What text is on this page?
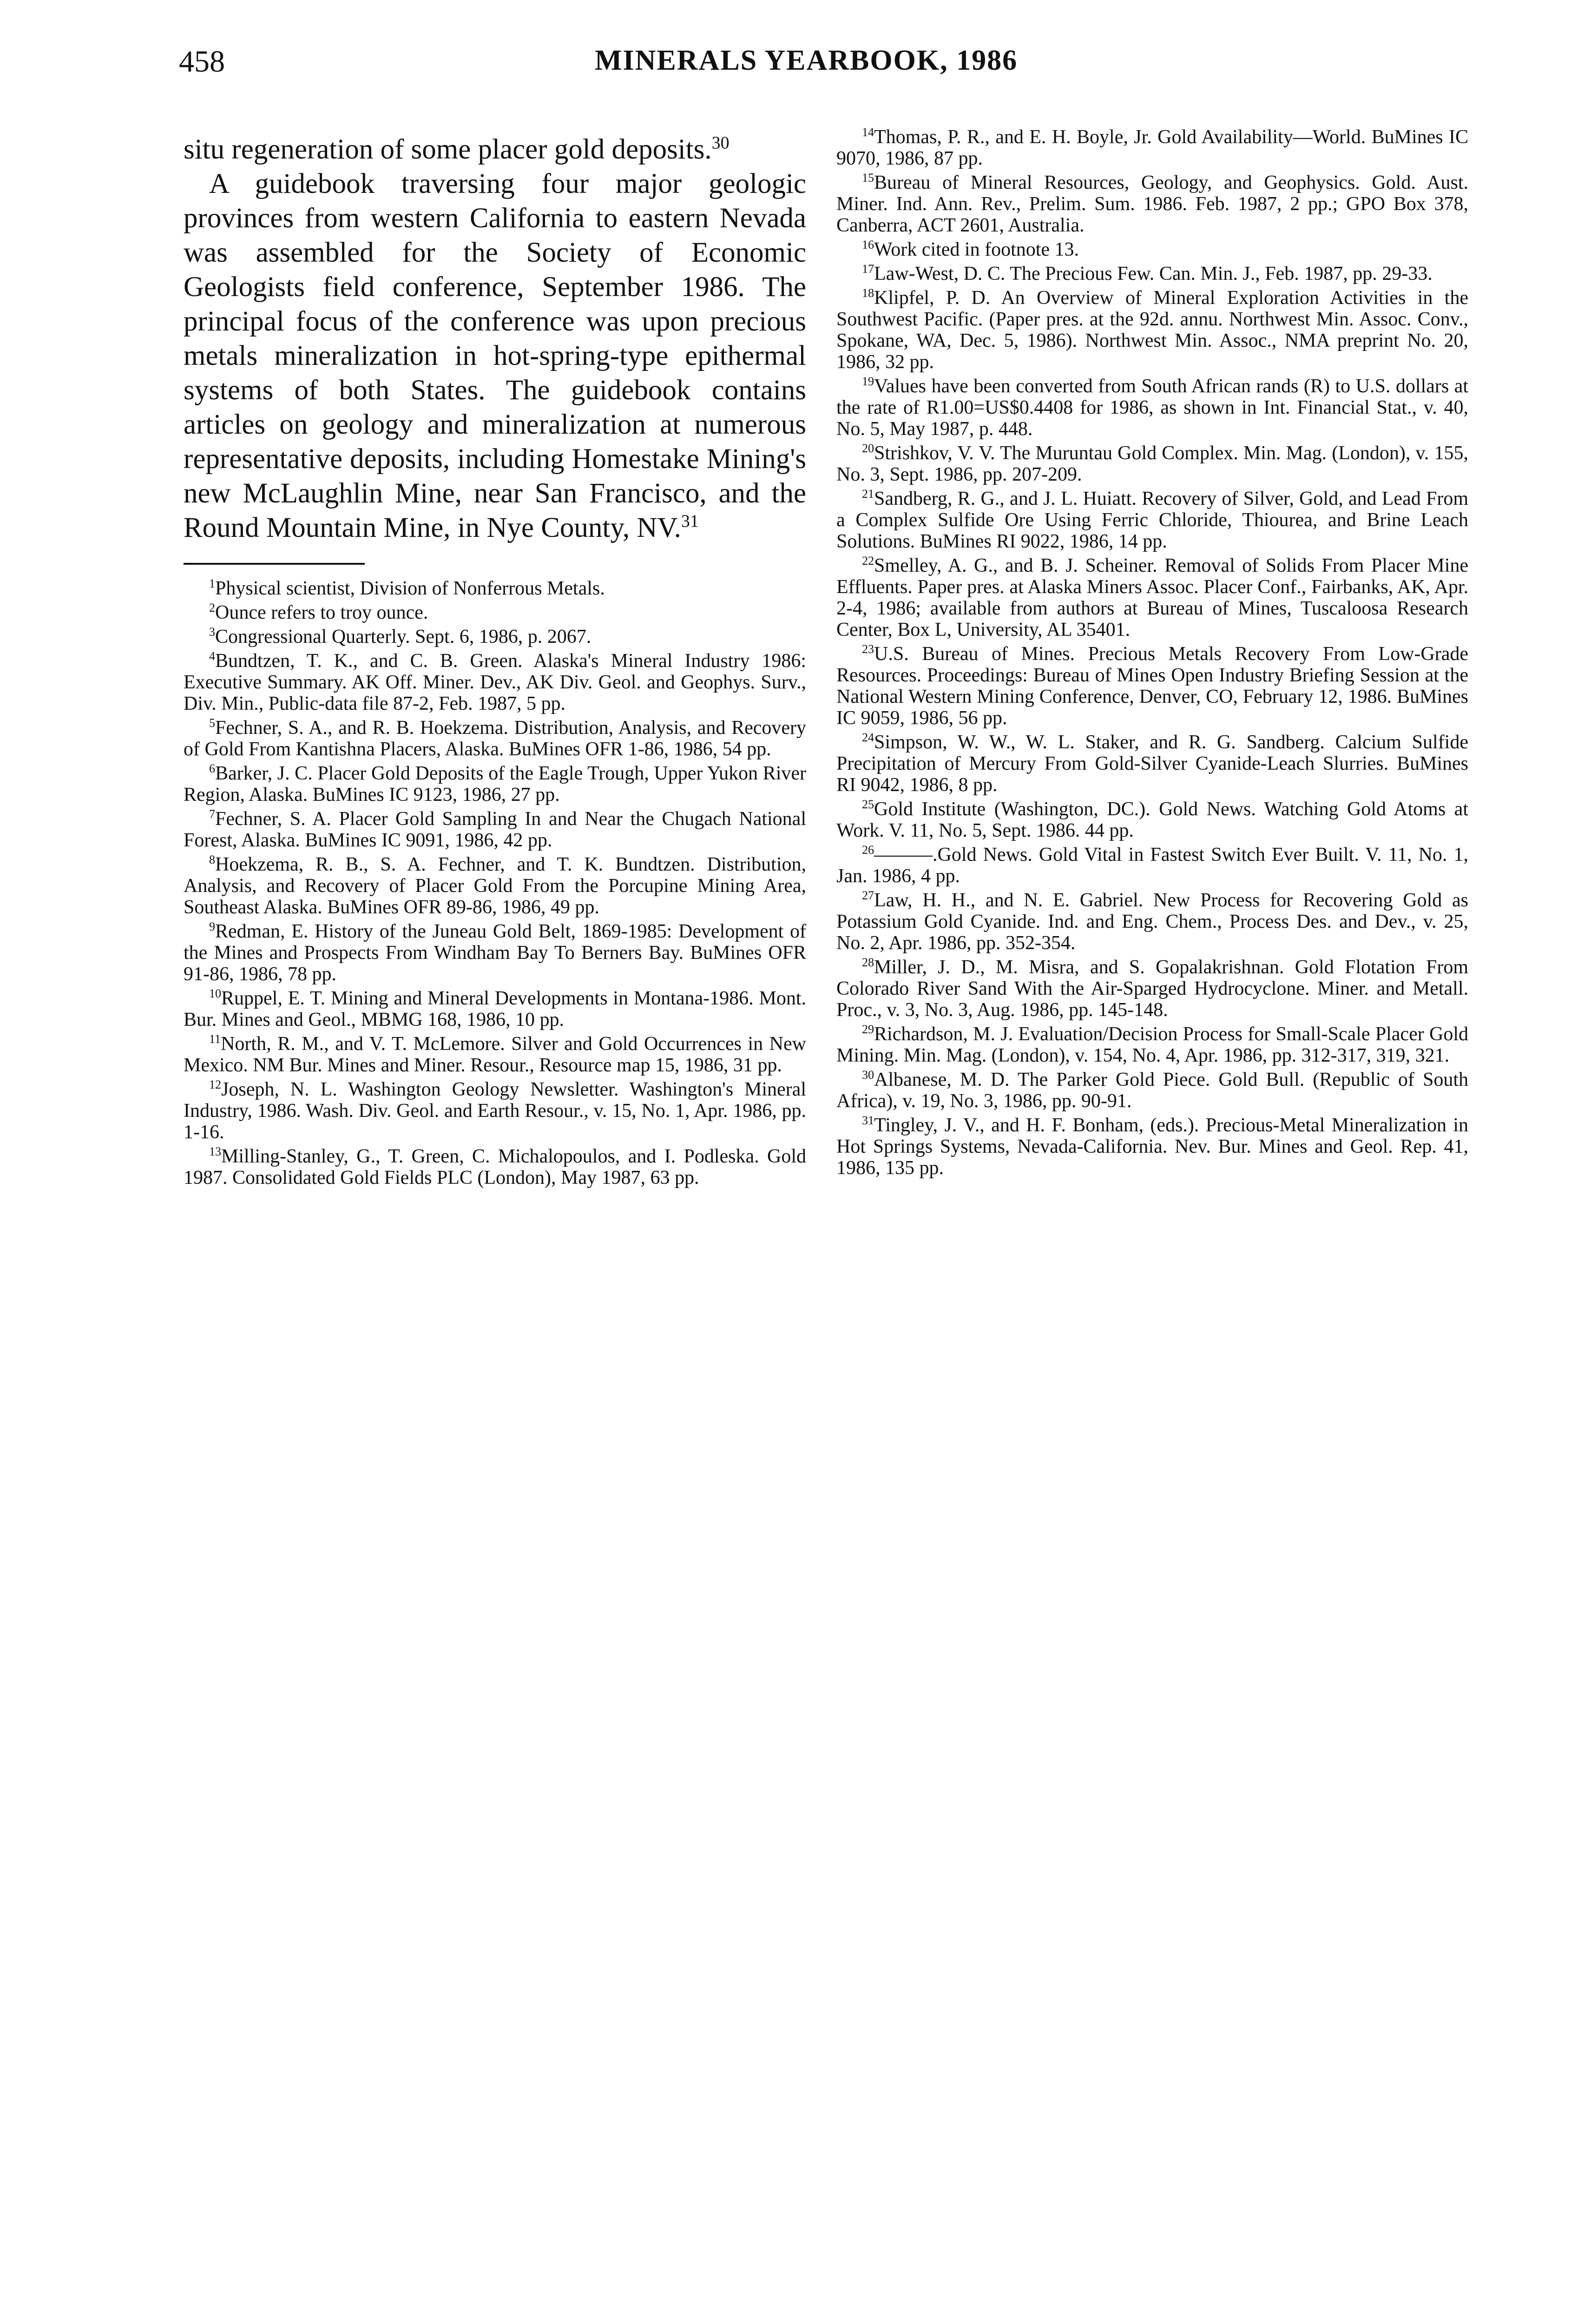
458	MINERALS YEARBOOK, 1986

situ regeneration of some placer gold deposits.$^{30}$

A guidebook traversing four major geologic provinces from western California to eastern Nevada was assembled for the Society of Economic Geologists field conference, September 1986. The principal focus of the conference was upon precious metals mineralization in hot-spring-type epithermal systems of both States. The guidebook contains articles on geology and mineralization at numerous representative deposits, including Homestake Mining's new McLaughlin Mine, near San Francisco, and the Round Mountain Mine, in Nye County, NV.$^{31}$

$^1$Physical scientist, Division of Nonferrous Metals.
$^2$Ounce refers to troy ounce.
$^3$Congressional Quarterly. Sept. 6, 1986, p. 2067.
$^4$Bundtzen, T. K., and C. B. Green. Alaska's Mineral Industry 1986: Executive Summary. AK Off. Miner. Dev., AK Div. Geol. and Geophys. Surv., Div. Min., Public-data file 87-2, Feb. 1987, 5 pp.
$^5$Fechner, S. A., and R. B. Hoekzema. Distribution, Analysis, and Recovery of Gold From Kantishna Placers, Alaska. BuMines OFR 1-86, 1986, 54 pp.
$^6$Barker, J. C. Placer Gold Deposits of the Eagle Trough, Upper Yukon River Region, Alaska. BuMines IC 9123, 1986, 27 pp.
$^7$Fechner, S. A. Placer Gold Sampling In and Near the Chugach National Forest, Alaska. BuMines IC 9091, 1986, 42 pp.
$^8$Hoekzema, R. B., S. A. Fechner, and T. K. Bundtzen. Distribution, Analysis, and Recovery of Placer Gold From the Porcupine Mining Area, Southeast Alaska. BuMines OFR 89-86, 1986, 49 pp.
$^9$Redman, E. History of the Juneau Gold Belt, 1869-1985: Development of the Mines and Prospects From Windham Bay To Berners Bay. BuMines OFR 91-86, 1986, 78 pp.
$^{10}$Ruppel, E. T. Mining and Mineral Developments in Montana-1986. Mont. Bur. Mines and Geol., MBMG 168, 1986, 10 pp.
$^{11}$North, R. M., and V. T. McLemore. Silver and Gold Occurrences in New Mexico. NM Bur. Mines and Miner. Resour., Resource map 15, 1986, 31 pp.
$^{12}$Joseph, N. L. Washington Geology Newsletter. Washington's Mineral Industry, 1986. Wash. Div. Geol. and Earth Resour., v. 15, No. 1, Apr. 1986, pp. 1-16.
$^{13}$Milling-Stanley, G., T. Green, C. Michalopoulos, and I. Podleska. Gold 1987. Consolidated Gold Fields PLC (London), May 1987, 63 pp.
$^{14}$Thomas, P. R., and E. H. Boyle, Jr. Gold Availability—World. BuMines IC 9070, 1986, 87 pp.
$^{15}$Bureau of Mineral Resources, Geology, and Geophysics. Gold. Aust. Miner. Ind. Ann. Rev., Prelim. Sum. 1986. Feb. 1987, 2 pp.; GPO Box 378, Canberra, ACT 2601, Australia.
$^{16}$Work cited in footnote 13.
$^{17}$Law-West, D. C. The Precious Few. Can. Min. J., Feb. 1987, pp. 29-33.
$^{18}$Klipfel, P. D. An Overview of Mineral Exploration Activities in the Southwest Pacific. (Paper pres. at the 92d. annu. Northwest Min. Assoc. Conv., Spokane, WA, Dec. 5, 1986). Northwest Min. Assoc., NMA preprint No. 20, 1986, 32 pp.
$^{19}$Values have been converted from South African rands (R) to U.S. dollars at the rate of R1.00=US$0.4408 for 1986, as shown in Int. Financial Stat., v. 40, No. 5, May 1987, p. 448.
$^{20}$Strishkov, V. V. The Muruntau Gold Complex. Min. Mag. (London), v. 155, No. 3, Sept. 1986, pp. 207-209.
$^{21}$Sandberg, R. G., and J. L. Huiatt. Recovery of Silver, Gold, and Lead From a Complex Sulfide Ore Using Ferric Chloride, Thiourea, and Brine Leach Solutions. BuMines RI 9022, 1986, 14 pp.
$^{22}$Smelley, A. G., and B. J. Scheiner. Removal of Solids From Placer Mine Effluents. Paper pres. at Alaska Miners Assoc. Placer Conf., Fairbanks, AK, Apr. 2-4, 1986; available from authors at Bureau of Mines, Tuscaloosa Research Center, Box L, University, AL 35401.
$^{23}$U.S. Bureau of Mines. Precious Metals Recovery From Low-Grade Resources. Proceedings: Bureau of Mines Open Industry Briefing Session at the National Western Mining Conference, Denver, CO, February 12, 1986. BuMines IC 9059, 1986, 56 pp.
$^{24}$Simpson, W. W., W. L. Staker, and R. G. Sandberg. Calcium Sulfide Precipitation of Mercury From Gold-Silver Cyanide-Leach Slurries. BuMines RI 9042, 1986, 8 pp.
$^{25}$Gold Institute (Washington, DC.). Gold News. Watching Gold Atoms at Work. V. 11, No. 5, Sept. 1986. 44 pp.
$^{26}$———.Gold News. Gold Vital in Fastest Switch Ever Built. V. 11, No. 1, Jan. 1986, 4 pp.
$^{27}$Law, H. H., and N. E. Gabriel. New Process for Recovering Gold as Potassium Gold Cyanide. Ind. and Eng. Chem., Process Des. and Dev., v. 25, No. 2, Apr. 1986, pp. 352-354.
$^{28}$Miller, J. D., M. Misra, and S. Gopalakrishnan. Gold Flotation From Colorado River Sand With the Air-Sparged Hydrocyclone. Miner. and Metall. Proc., v. 3, No. 3, Aug. 1986, pp. 145-148.
$^{29}$Richardson, M. J. Evaluation/Decision Process for Small-Scale Placer Gold Mining. Min. Mag. (London), v. 154, No. 4, Apr. 1986, pp. 312-317, 319, 321.
$^{30}$Albanese, M. D. The Parker Gold Piece. Gold Bull. (Republic of South Africa), v. 19, No. 3, 1986, pp. 90-91.
$^{31}$Tingley, J. V., and H. F. Bonham, (eds.). Precious-Metal Mineralization in Hot Springs Systems, Nevada-California. Nev. Bur. Mines and Geol. Rep. 41, 1986, 135 pp.
